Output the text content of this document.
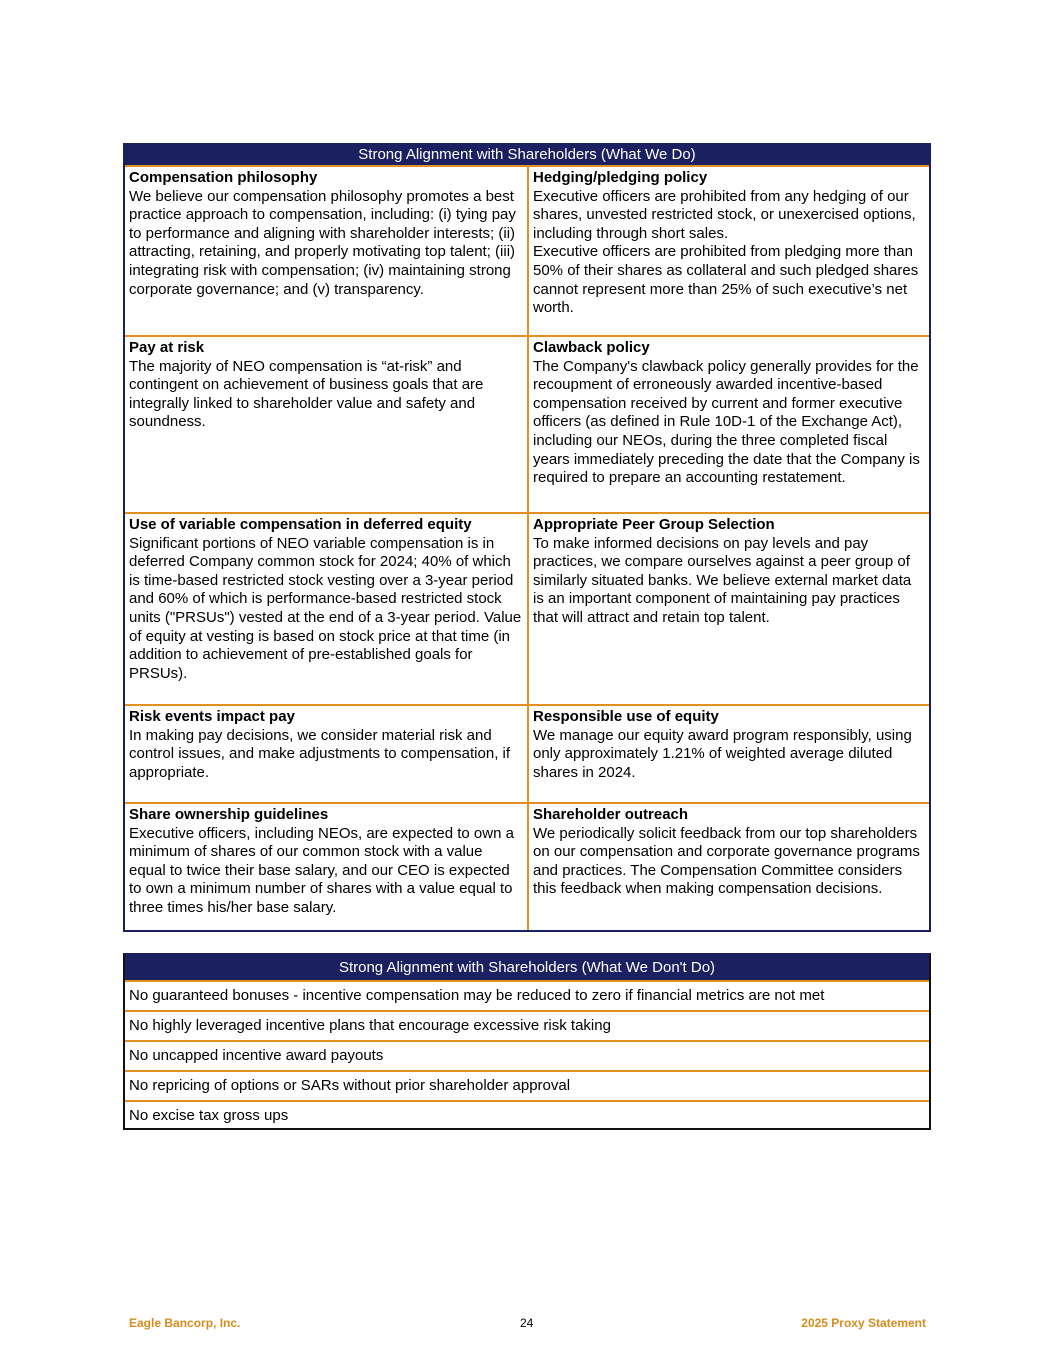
Strong Alignment with Shareholders (What We Do)
Compensation philosophy
We believe our compensation philosophy promotes a best practice approach to compensation, including: (i) tying pay to performance and aligning with shareholder interests; (ii) attracting, retaining, and properly motivating top talent; (iii) integrating risk with compensation; (iv) maintaining strong corporate governance; and (v) transparency.
Hedging/pledging policy
Executive officers are prohibited from any hedging of our shares, unvested restricted stock, or unexercised options, including through short sales.
Executive officers are prohibited from pledging more than 50% of their shares as collateral and such pledged shares cannot represent more than 25% of such executive’s net worth.
Pay at risk
The majority of NEO compensation is “at-risk” and contingent on achievement of business goals that are integrally linked to shareholder value and safety and soundness.
Clawback policy
The Company's clawback policy generally provides for the recoupment of erroneously awarded incentive-based compensation received by current and former executive officers (as defined in Rule 10D-1 of the Exchange Act), including our NEOs, during the three completed fiscal years immediately preceding the date that the Company is required to prepare an accounting restatement.
Use of variable compensation in deferred equity
Significant portions of NEO variable compensation is in deferred Company common stock for 2024; 40% of which is time-based restricted stock vesting over a 3-year period and 60% of which is performance-based restricted stock units ("PRSUs") vested at the end of a 3-year period. Value of equity at vesting is based on stock price at that time (in addition to achievement of pre-established goals for PRSUs).
Appropriate Peer Group Selection
To make informed decisions on pay levels and pay practices, we compare ourselves against a peer group of similarly situated banks. We believe external market data is an important component of maintaining pay practices that will attract and retain top talent.
Risk events impact pay
In making pay decisions, we consider material risk and control issues, and make adjustments to compensation, if appropriate.
Responsible use of equity
We manage our equity award program responsibly, using only approximately 1.21% of weighted average diluted shares in 2024.
Share ownership guidelines
Executive officers, including NEOs, are expected to own a minimum of shares of our common stock with a value equal to twice their base salary, and our CEO is expected to own a minimum number of shares with a value equal to three times his/her base salary.
Shareholder outreach
We periodically solicit feedback from our top shareholders on our compensation and corporate governance programs and practices. The Compensation Committee considers this feedback when making compensation decisions.
Strong Alignment with Shareholders (What We Don't Do)
No guaranteed bonuses - incentive compensation may be reduced to zero if financial metrics are not met
No highly leveraged incentive plans that encourage excessive risk taking
No uncapped incentive award payouts
No repricing of options or SARs without prior shareholder approval
No excise tax gross ups
Eagle Bancorp, Inc.	24	2025 Proxy Statement
